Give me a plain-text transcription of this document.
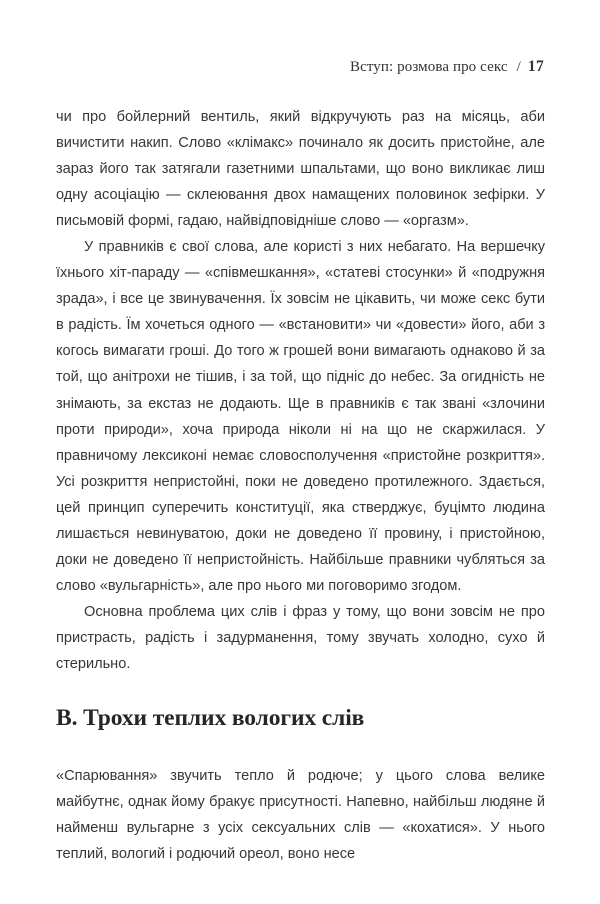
Вступ: розмова про секс / 17

чи про бойлерний вентиль, який відкручують раз на місяць, аби вичистити накип. Слово «клімакс» починало як досить пристойне, але зараз його так затягали газетними шпальтами, що воно викликає лиш одну асоціацію — склеювання двох намащених половинок зефірки. У письмовій формі, гадаю, найвідповідніше слово — «оргазм».

У правників є свої слова, але користі з них небагато. На вершечку їхнього хіт-параду — «співмешкання», «статеві стосунки» й «подружня зрада», і все це звинувачення. Їх зовсім не цікавить, чи може секс бути в радість. Їм хочеться одного — «встановити» чи «довести» його, аби з когось вимагати гроші. До того ж грошей вони вимагають однаково й за той, що анітрохи не тішив, і за той, що підніс до небес. За огидність не знімають, за екстаз не додають. Ще в правників є так звані «злочини проти природи», хоча природа ніколи ні на що не скаржилася. У правничому лексиконі немає словосполучення «пристойне розкриття». Усі розкриття непристойні, поки не доведено протилежного. Здається, цей принцип суперечить конституції, яка стверджує, буцімто людина лишається невинуватою, доки не доведено її провину, і пристойною, доки не доведено її непристойність. Найбільше правники чубляться за слово «вульгарність», але про нього ми поговоримо згодом.

Основна проблема цих слів і фраз у тому, що вони зовсім не про пристрасть, радість і задурманення, тому звучать холодно, сухо й стерильно.

В. Трохи теплих вологих слів

«Спарювання» звучить тепло й родюче; у цього слова велике майбутнє, однак йому бракує присутності. Напевно, найбільш людяне й найменш вульгарне з усіх сексуальних слів — «кохатися». У нього теплий, вологий і родючий ореол, воно несе
